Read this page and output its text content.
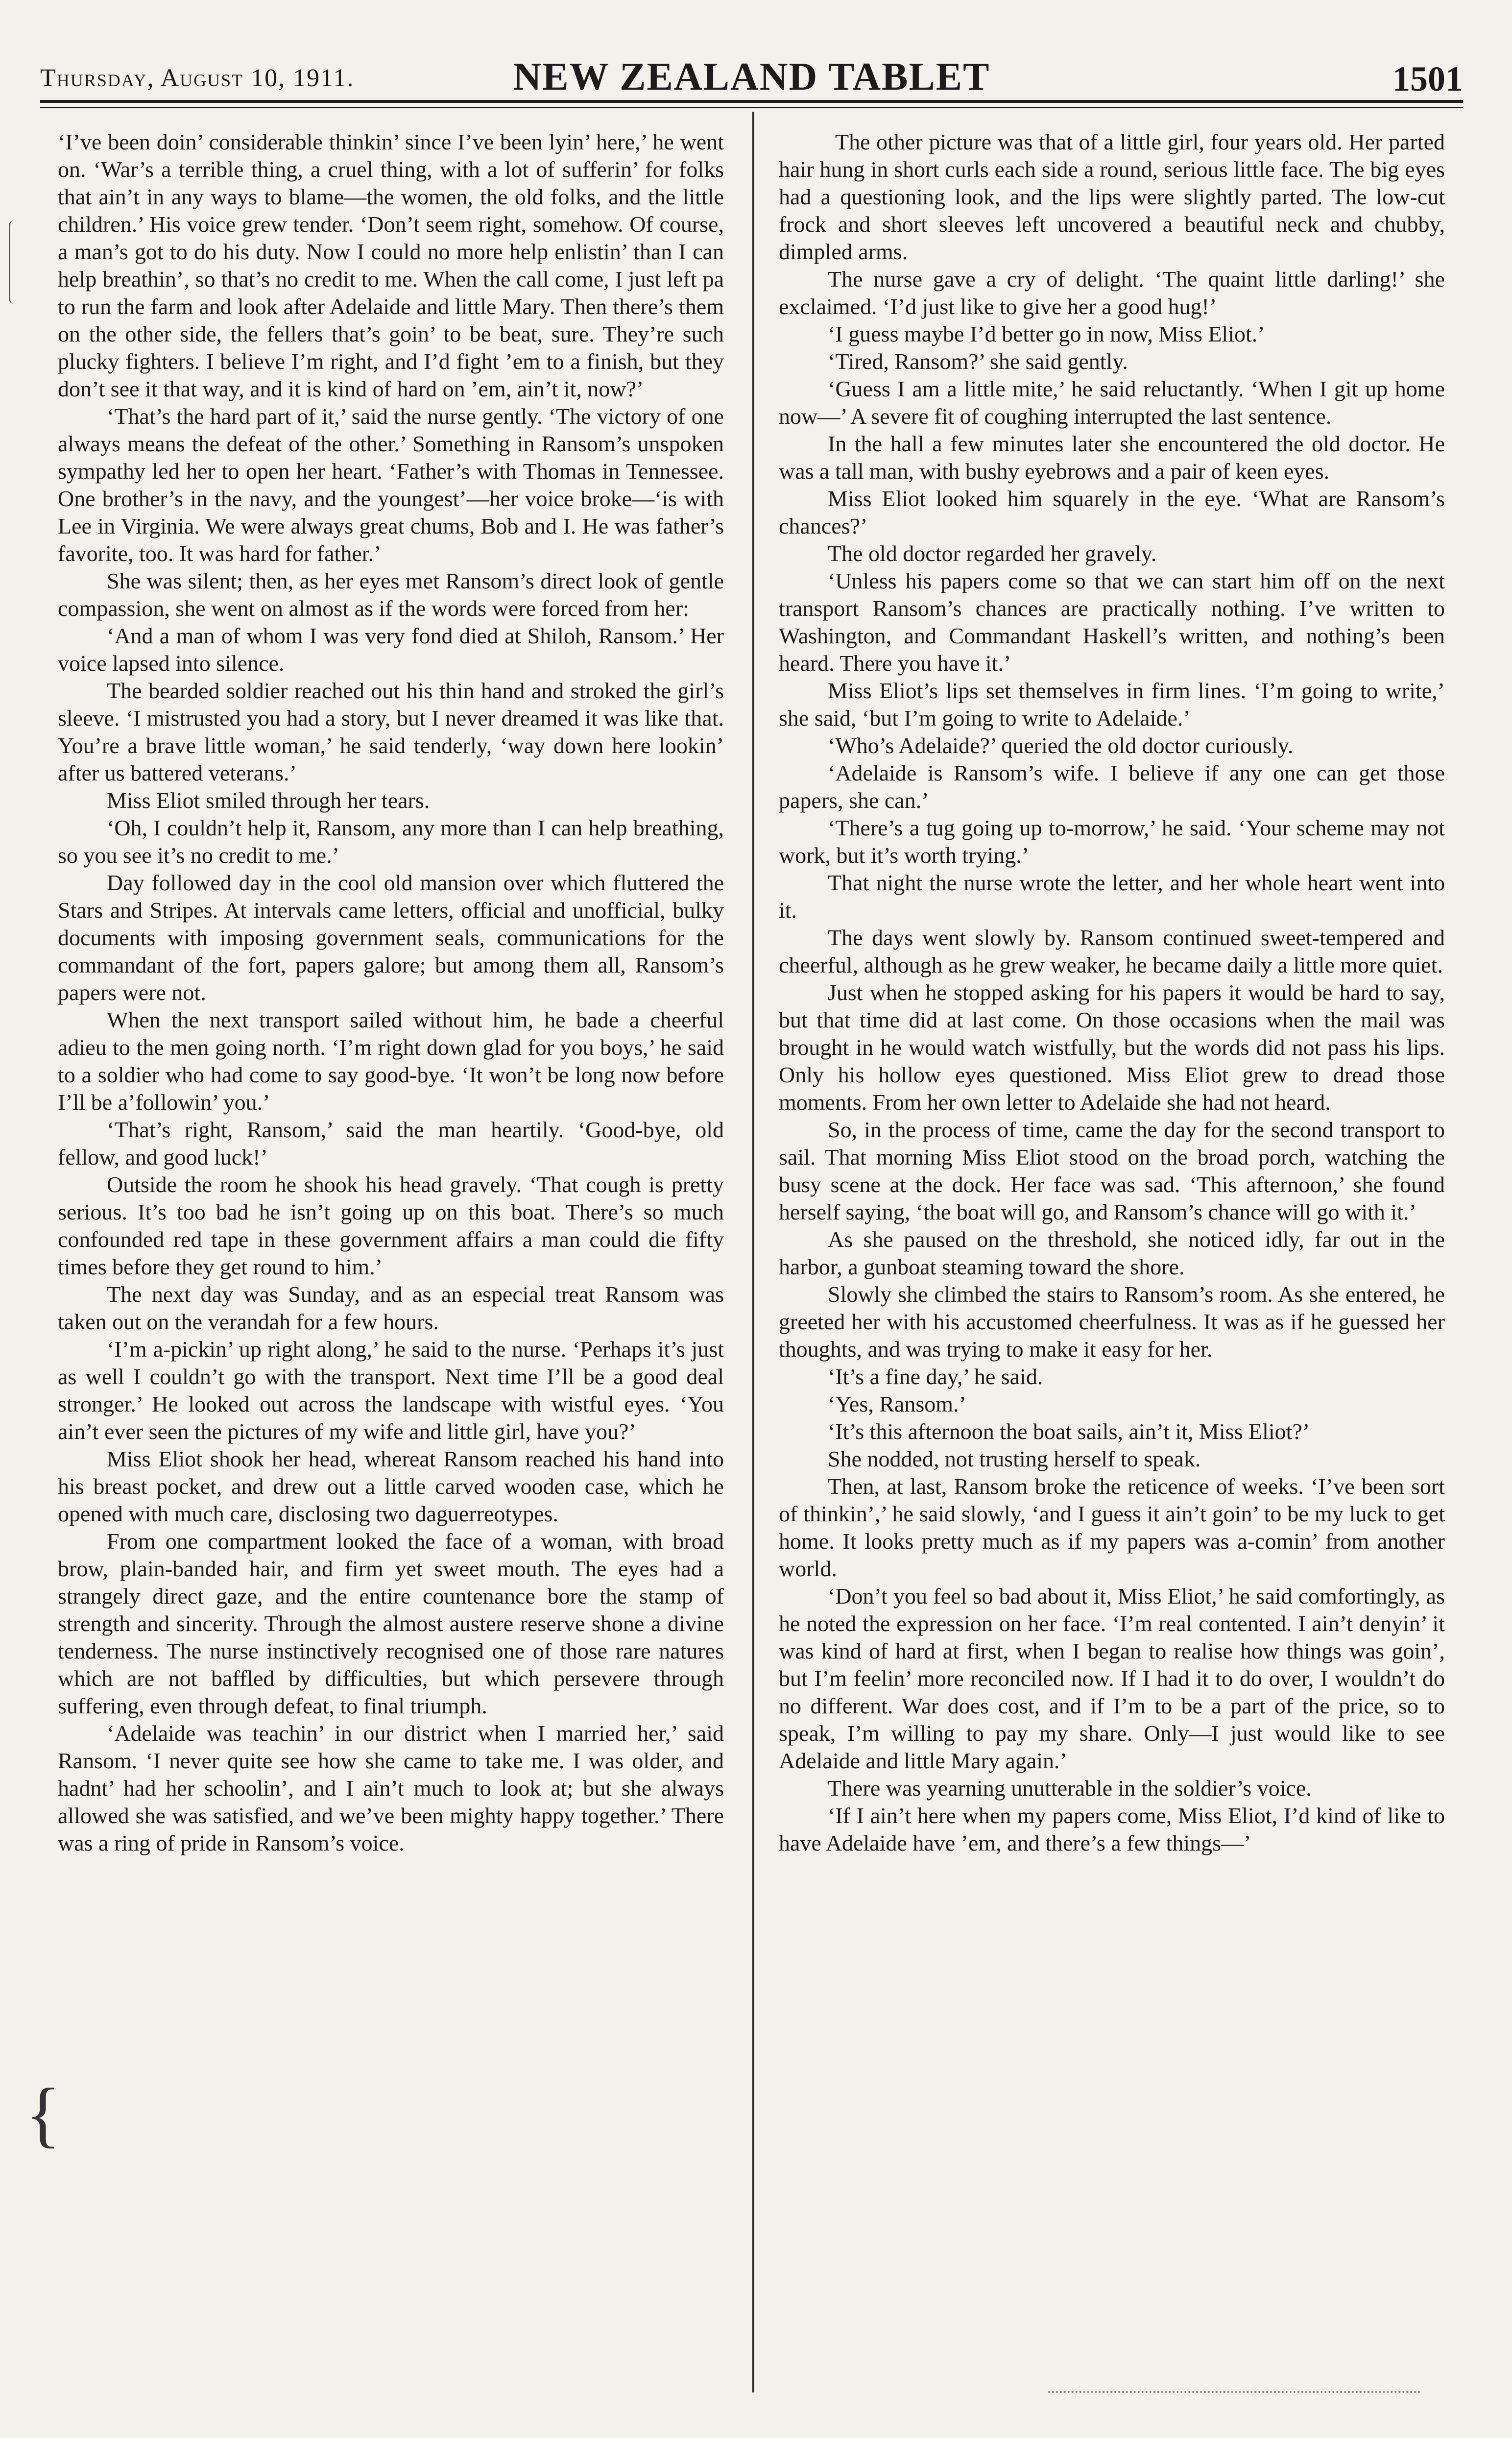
Thursday, August 10, 1911.	NEW ZEALAND TABLET	1501
{

‘I’ve been doin’ considerable thinkin’ since I’ve been lyin’ here,’ he went on. ‘War’s a terrible thing, a cruel thing, with a lot of sufferin’ for folks that ain’t in any ways to blame—the women, the old folks, and the little children.’ His voice grew tender. ‘Don’t seem right, somehow. Of course, a man’s got to do his duty. Now I could no more help enlistin’ than I can help breathin’, so that’s no credit to me. When the call come, I just left pa to run the farm and look after Adelaide and little Mary. Then there’s them on the other side, the fellers that’s goin’ to be beat, sure. They’re such plucky fighters. I believe I’m right, and I’d fight ’em to a finish, but they don’t see it that way, and it is kind of hard on ’em, ain’t it, now?’

‘That’s the hard part of it,’ said the nurse gently. ‘The victory of one always means the defeat of the other.’ Something in Ransom’s unspoken sympathy led her to open her heart. ‘Father’s with Thomas in Tennessee. One brother’s in the navy, and the youngest’—her voice broke—‘is with Lee in Virginia. We were always great chums, Bob and I. He was father’s favorite, too. It was hard for father.’

She was silent; then, as her eyes met Ransom’s direct look of gentle compassion, she went on almost as if the words were forced from her:

‘And a man of whom I was very fond died at Shiloh, Ransom.’ Her voice lapsed into silence.

The bearded soldier reached out his thin hand and stroked the girl’s sleeve. ‘I mistrusted you had a story, but I never dreamed it was like that. You’re a brave little woman,’ he said tenderly, ‘way down here lookin’ after us battered veterans.’

Miss Eliot smiled through her tears.

‘Oh, I couldn’t help it, Ransom, any more than I can help breathing, so you see it’s no credit to me.’

Day followed day in the cool old mansion over which fluttered the Stars and Stripes. At intervals came letters, official and unofficial, bulky documents with imposing government seals, communications for the commandant of the fort, papers galore; but among them all, Ransom’s papers were not.

When the next transport sailed without him, he bade a cheerful adieu to the men going north. ‘I’m right down glad for you boys,’ he said to a soldier who had come to say good-bye. ‘It won’t be long now before I’ll be a’followin’ you.’

‘That’s right, Ransom,’ said the man heartily. ‘Good-bye, old fellow, and good luck!’

Outside the room he shook his head gravely. ‘That cough is pretty serious. It’s too bad he isn’t going up on this boat. There’s so much confounded red tape in these government affairs a man could die fifty times before they get round to him.’

The next day was Sunday, and as an especial treat Ransom was taken out on the verandah for a few hours.

‘I’m a-pickin’ up right along,’ he said to the nurse. ‘Perhaps it’s just as well I couldn’t go with the transport. Next time I’ll be a good deal stronger.’ He looked out across the landscape with wistful eyes. ‘You ain’t ever seen the pictures of my wife and little girl, have you?’

Miss Eliot shook her head, whereat Ransom reached his hand into his breast pocket, and drew out a little carved wooden case, which he opened with much care, disclosing two daguerreotypes.

From one compartment looked the face of a woman, with broad brow, plain-banded hair, and firm yet sweet mouth. The eyes had a strangely direct gaze, and the entire countenance bore the stamp of strength and sincerity. Through the almost austere reserve shone a divine tenderness. The nurse instinctively recognised one of those rare natures which are not baffled by difficulties, but which persevere through suffering, even through defeat, to final triumph.

‘Adelaide was teachin’ in our district when I married her,’ said Ransom. ‘I never quite see how she came to take me. I was older, and hadnt’ had her schoolin’, and I ain’t much to look at; but she always allowed she was satisfied, and we’ve been mighty happy together.’ There was a ring of pride in Ransom’s voice.

The other picture was that of a little girl, four years old. Her parted hair hung in short curls each side a round, serious little face. The big eyes had a questioning look, and the lips were slightly parted. The low-cut frock and short sleeves left uncovered a beautiful neck and chubby, dimpled arms.

The nurse gave a cry of delight. ‘The quaint little darling!’ she exclaimed. ‘I’d just like to give her a good hug!’

‘I guess maybe I’d better go in now, Miss Eliot.’

‘Tired, Ransom?’ she said gently.

‘Guess I am a little mite,’ he said reluctantly. ‘When I git up home now—’ A severe fit of coughing interrupted the last sentence.

In the hall a few minutes later she encountered the old doctor. He was a tall man, with bushy eyebrows and a pair of keen eyes.

Miss Eliot looked him squarely in the eye. ‘What are Ransom’s chances?’

The old doctor regarded her gravely.

‘Unless his papers come so that we can start him off on the next transport Ransom’s chances are practically nothing. I’ve written to Washington, and Commandant Haskell’s written, and nothing’s been heard. There you have it.’

Miss Eliot’s lips set themselves in firm lines. ‘I’m going to write,’ she said, ‘but I’m going to write to Adelaide.’

‘Who’s Adelaide?’ queried the old doctor curiously.

‘Adelaide is Ransom’s wife. I believe if any one can get those papers, she can.’

‘There’s a tug going up to-morrow,’ he said. ‘Your scheme may not work, but it’s worth trying.’

That night the nurse wrote the letter, and her whole heart went into it.

The days went slowly by. Ransom continued sweet-tempered and cheerful, although as he grew weaker, he became daily a little more quiet.

Just when he stopped asking for his papers it would be hard to say, but that time did at last come. On those occasions when the mail was brought in he would watch wistfully, but the words did not pass his lips. Only his hollow eyes questioned. Miss Eliot grew to dread those moments. From her own letter to Adelaide she had not heard.

So, in the process of time, came the day for the second transport to sail. That morning Miss Eliot stood on the broad porch, watching the busy scene at the dock. Her face was sad. ‘This afternoon,’ she found herself saying, ‘the boat will go, and Ransom’s chance will go with it.’

As she paused on the threshold, she noticed idly, far out in the harbor, a gunboat steaming toward the shore.

Slowly she climbed the stairs to Ransom’s room. As she entered, he greeted her with his accustomed cheerfulness. It was as if he guessed her thoughts, and was trying to make it easy for her.

‘It’s a fine day,’ he said.

‘Yes, Ransom.’

‘It’s this afternoon the boat sails, ain’t it, Miss Eliot?’

She nodded, not trusting herself to speak.

Then, at last, Ransom broke the reticence of weeks. ‘I’ve been sort of thinkin’,’ he said slowly, ‘and I guess it ain’t goin’ to be my luck to get home. It looks pretty much as if my papers was a-comin’ from another world.

‘Don’t you feel so bad about it, Miss Eliot,’ he said comfortingly, as he noted the expression on her face. ‘I’m real contented. I ain’t denyin’ it was kind of hard at first, when I began to realise how things was goin’, but I’m feelin’ more reconciled now. If I had it to do over, I wouldn’t do no different. War does cost, and if I’m to be a part of the price, so to speak, I’m willing to pay my share. Only—I just would like to see Adelaide and little Mary again.’

There was yearning unutterable in the soldier’s voice.

‘If I ain’t here when my papers come, Miss Eliot, I’d kind of like to have Adelaide have ’em, and there’s a few things—’
